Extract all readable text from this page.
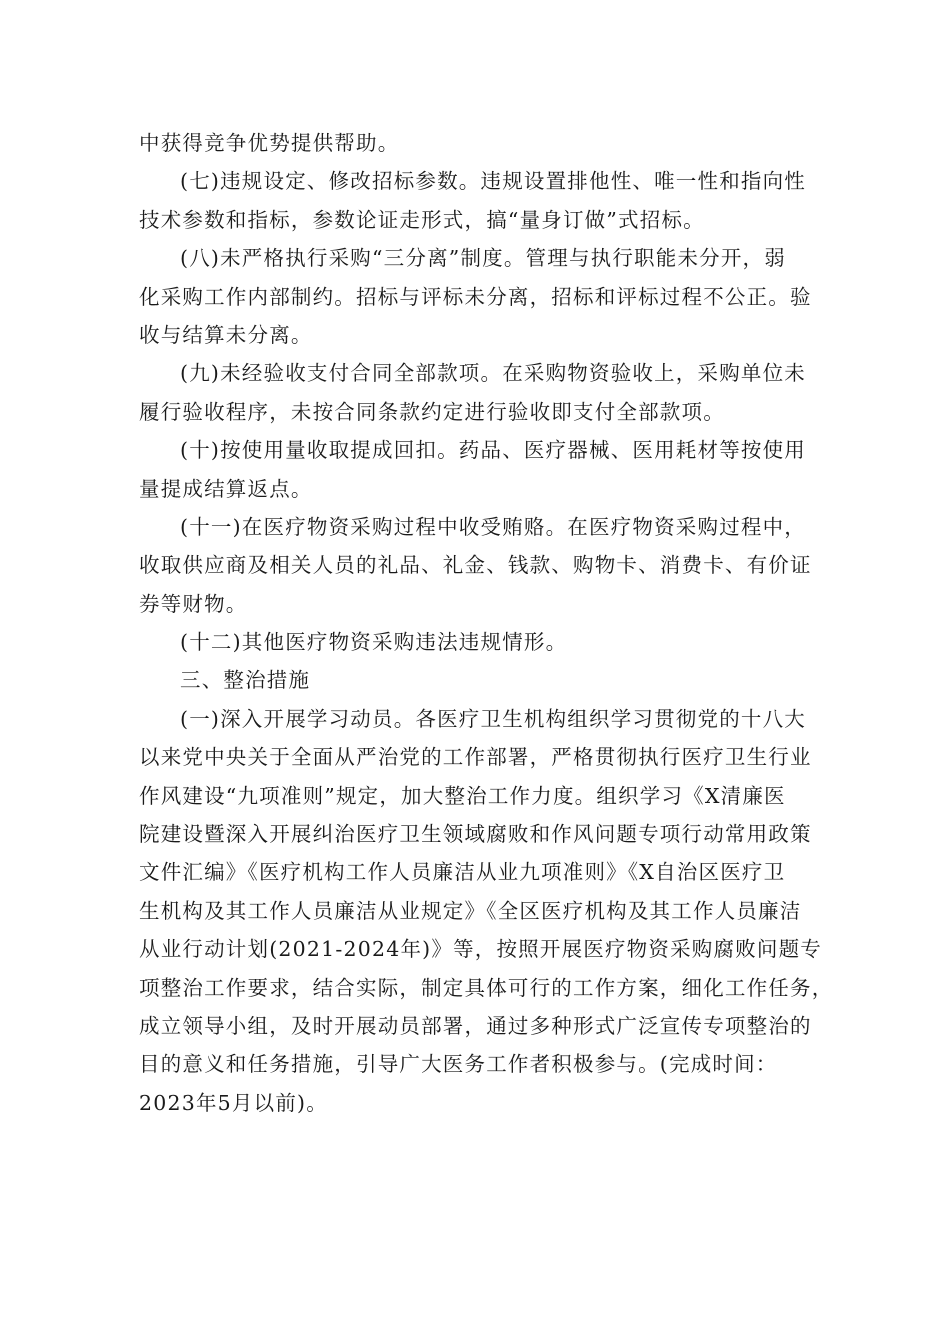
中获得竞争优势提供帮助。
(七)违规设定、修改招标参数。违规设置排他性、唯一性和指向性
技术参数和指标，参数论证走形式，搞“量身订做”式招标。
(八)未严格执行采购“三分离”制度。管理与执行职能未分开，弱
化采购工作内部制约。招标与评标未分离，招标和评标过程不公正。验
收与结算未分离。
(九)未经验收支付合同全部款项。在采购物资验收上，采购单位未
履行验收程序，未按合同条款约定进行验收即支付全部款项。
(十)按使用量收取提成回扣。药品、医疗器械、医用耗材等按使用
量提成结算返点。
(十一)在医疗物资采购过程中收受贿赂。在医疗物资采购过程中，
收取供应商及相关人员的礼品、礼金、钱款、购物卡、消费卡、有价证
券等财物。
(十二)其他医疗物资采购违法违规情形。
三、整治措施
(一)深入开展学习动员。各医疗卫生机构组织学习贯彻党的十八大
以来党中央关于全面从严治党的工作部署，严格贯彻执行医疗卫生行业
作风建设“九项准则”规定，加大整治工作力度。组织学习《X清廉医
院建设暨深入开展纠治医疗卫生领域腐败和作风问题专项行动常用政策
文件汇编》《医疗机构工作人员廉洁从业九项准则》《X自治区医疗卫
生机构及其工作人员廉洁从业规定》《全区医疗机构及其工作人员廉洁
从业行动计划(2021-2024年)》等，按照开展医疗物资采购腐败问题专
项整治工作要求，结合实际，制定具体可行的工作方案，细化工作任务，
成立领导小组，及时开展动员部署，通过多种形式广泛宣传专项整治的
目的意义和任务措施，引导广大医务工作者积极参与。(完成时间：
2023年5月以前)。
